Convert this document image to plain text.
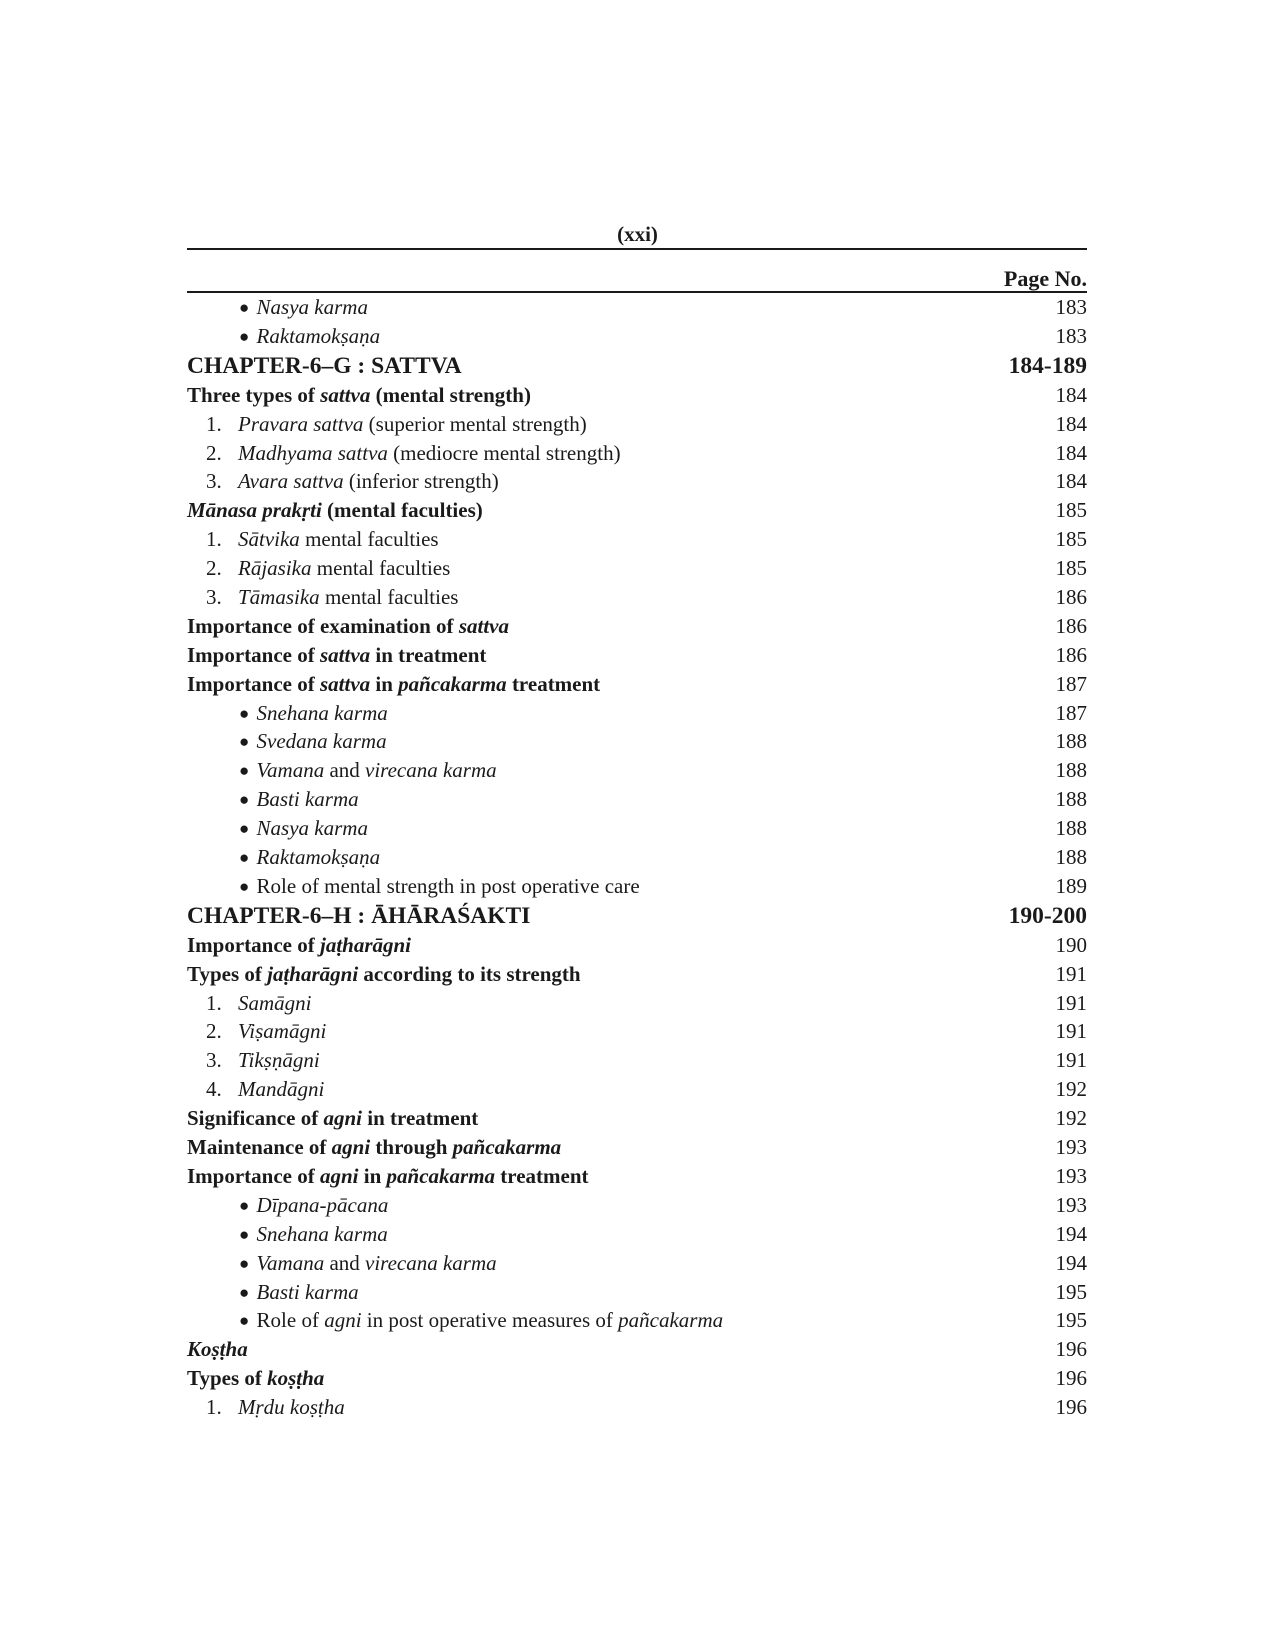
(xxi)
Page No.
● Nasya karma	183
● Raktamokṣaṇa	183
CHAPTER-6–G : SATTVA	184-189
Three types of sattva (mental strength)	184
1. Pravara sattva (superior mental strength)	184
2. Madhyama sattva (mediocre mental strength)	184
3. Avara sattva (inferior strength)	184
Mānasa prakṛti (mental faculties)	185
1. Sātvika mental faculties	185
2. Rājasika mental faculties	185
3. Tāmasika mental faculties	186
Importance of examination of sattva	186
Importance of sattva in treatment	186
Importance of sattva in pañcakarma treatment	187
● Snehana karma	187
● Svedana karma	188
● Vamana and virecana karma	188
● Basti karma	188
● Nasya karma	188
● Raktamokṣaṇa	188
● Role of mental strength in post operative care	189
CHAPTER-6–H : ĀHĀRAŚAKTI	190-200
Importance of jaṭharāgni	190
Types of jaṭharāgni according to its strength	191
1. Samāgni	191
2. Viṣamāgni	191
3. Tikṣṇāgni	191
4. Mandāgni	192
Significance of agni in treatment	192
Maintenance of agni through pañcakarma	193
Importance of agni in pañcakarma treatment	193
● Dīpana-pācana	193
● Snehana karma	194
● Vamana and virecana karma	194
● Basti karma	195
● Role of agni in post operative measures of pañcakarma	195
Koṣṭha	196
Types of koṣṭha	196
1. Mṛdu koṣṭha	196
